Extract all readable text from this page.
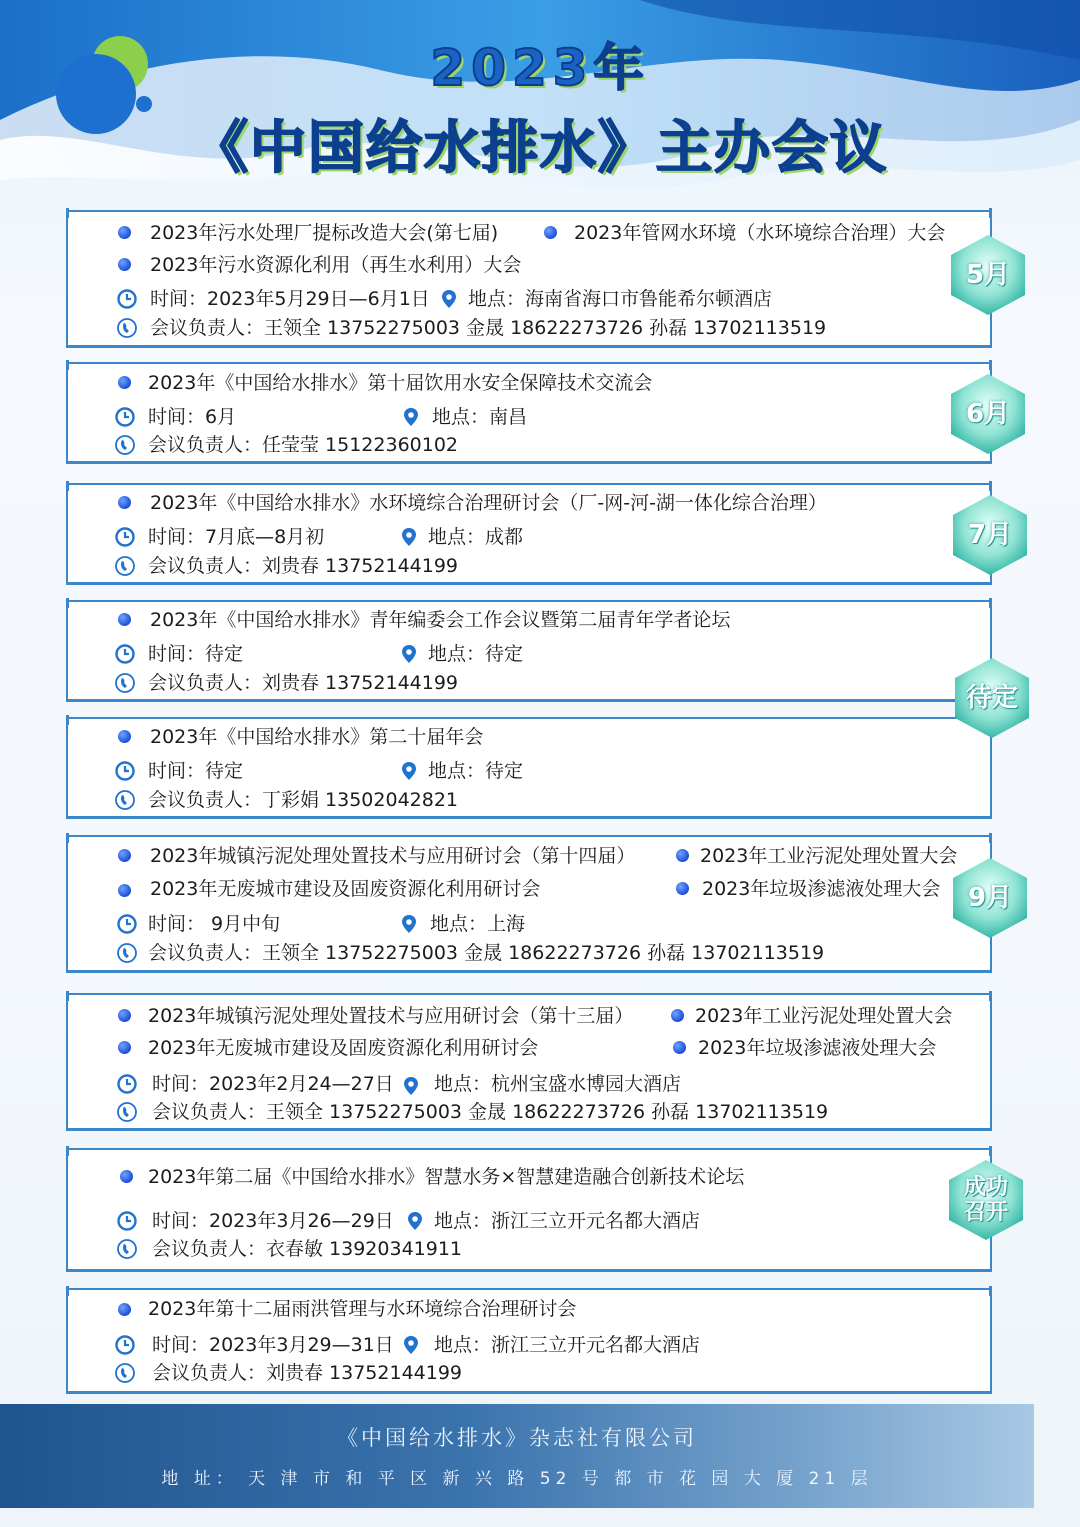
2023年
《中国给水排水》主办会议
2023年污水处理厂提标改造大会(第七届)	2023年管网水环境（水环境综合治理）大会
2023年污水资源化利用（再生水利用）大会
时间：2023年5月29日—6月1日 地点：海南省海口市鲁能希尔顿酒店
会议负责人：王领全 13752275003 金晟 18622273726 孙磊 13702113519
2023年《中国给水排水》第十届饮用水安全保障技术交流会
时间：6月	地点：南昌
会议负责人：任莹莹 15122360102
2023年《中国给水排水》水环境综合治理研讨会（厂-网-河-湖一体化综合治理）
时间：7月底—8月初	地点：成都
会议负责人：刘贵春 13752144199
2023年《中国给水排水》青年编委会工作会议暨第二届青年学者论坛
时间：待定	地点：待定
会议负责人：刘贵春 13752144199
2023年《中国给水排水》第二十届年会
时间：待定	地点：待定
会议负责人：丁彩娟 13502042821
2023年城镇污泥处理处置技术与应用研讨会（第十四届）	2023年工业污泥处理处置大会
2023年无废城市建设及固废资源化利用研讨会	2023年垃圾渗滤液处理大会
时间： 9月中旬	地点：上海
会议负责人：王领全 13752275003 金晟 18622273726 孙磊 13702113519
2023年城镇污泥处理处置技术与应用研讨会（第十三届）	2023年工业污泥处理处置大会
2023年无废城市建设及固废资源化利用研讨会	2023年垃圾渗滤液处理大会
时间：2023年2月24—27日 地点：杭州宝盛水博园大酒店
会议负责人：王领全 13752275003 金晟 18622273726 孙磊 13702113519
2023年第二届《中国给水排水》智慧水务×智慧建造融合创新技术论坛
时间：2023年3月26—29日 地点：浙江三立开元名都大酒店
会议负责人：衣春敏 13920341911
2023年第十二届雨洪管理与水环境综合治理研讨会
时间：2023年3月29—31日 地点：浙江三立开元名都大酒店
会议负责人：刘贵春 13752144199
5月
6月
7月
待定
9月
成功召开
《中国给水排水》杂志社有限公司
地 址： 天 津 市 和 平 区 新 兴 路 52 号 都 市 花 园 大 厦 21 层
